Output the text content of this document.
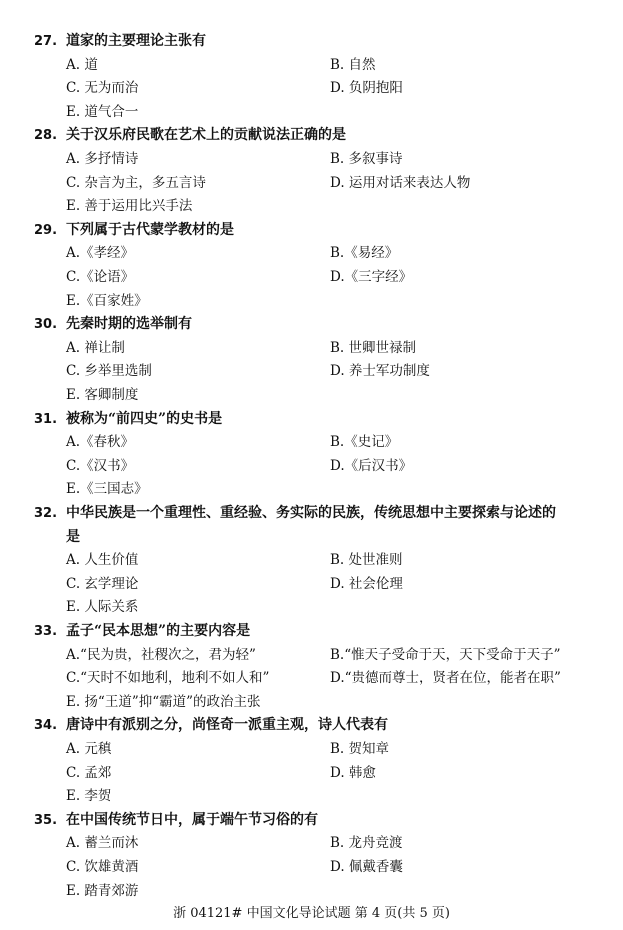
27. 道家的主要理论主张有
A. 道	B. 自然
C. 无为而治	D. 负阴抱阳
E. 道气合一
28. 关于汉乐府民歌在艺术上的贡献说法正确的是
A. 多抒情诗	B. 多叙事诗
C. 杂言为主，多五言诗	D. 运用对话来表达人物
E. 善于运用比兴手法
29. 下列属于古代蒙学教材的是
A.《孝经》	B.《易经》
C.《论语》	D.《三字经》
E.《百家姓》
30. 先秦时期的选举制有
A. 禅让制	B. 世卿世禄制
C. 乡举里选制	D. 养士军功制度
E. 客卿制度
31. 被称为“前四史”的史书是
A.《春秋》	B.《史记》
C.《汉书》	D.《后汉书》
E.《三国志》
32. 中华民族是一个重理性、重经验、务实际的民族，传统思想中主要探索与论述的
是
A. 人生价值	B. 处世准则
C. 玄学理论	D. 社会伦理
E. 人际关系
33. 孟子“民本思想”的主要内容是
A.“民为贵，社稷次之，君为轻”	B.“惟天子受命于天，天下受命于天子”
C.“天时不如地利，地利不如人和”	D.“贵德而尊士，贤者在位，能者在职”
E. 扬“王道”抑“霸道”的政治主张
34. 唐诗中有派别之分，尚怪奇一派重主观，诗人代表有
A. 元稹	B. 贺知章
C. 孟郊	D. 韩愈
E. 李贺
35. 在中国传统节日中，属于端午节习俗的有
A. 蓄兰而沐	B. 龙舟竞渡
C. 饮雄黄酒	D. 佩戴香囊
E. 踏青郊游
浙 04121# 中国文化导论试题 第 4 页(共 5 页)
